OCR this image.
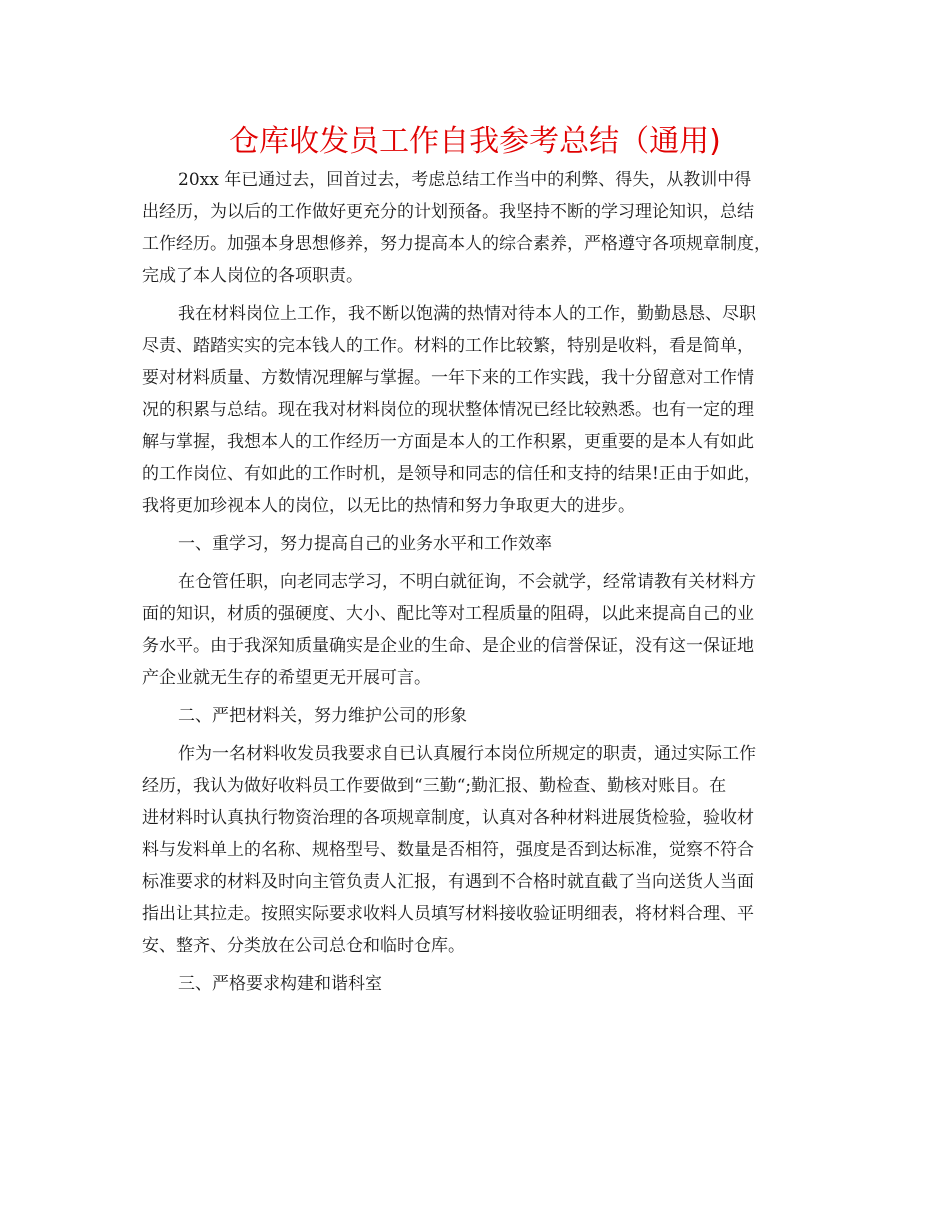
仓库收发员工作自我参考总结（通用)

20xx 年已通过去，回首过去，考虑总结工作当中的利弊、得失，从教训中得

出经历，为以后的工作做好更充分的计划预备。我坚持不断的学习理论知识，总结

工作经历。加强本身思想修养，努力提高本人的综合素养，严格遵守各项规章制度，

完成了本人岗位的各项职责。

我在材料岗位上工作，我不断以饱满的热情对待本人的工作，勤勤恳恳、尽职

尽责、踏踏实实的完本钱人的工作。材料的工作比较繁，特别是收料，看是简单，

要对材料质量、方数情况理解与掌握。一年下来的工作实践，我十分留意对工作情

况的积累与总结。现在我对材料岗位的现状整体情况已经比较熟悉。也有一定的理

解与掌握，我想本人的工作经历一方面是本人的工作积累，更重要的是本人有如此

的工作岗位、有如此的工作时机，是领导和同志的信任和支持的结果!正由于如此，

我将更加珍视本人的岗位，以无比的热情和努力争取更大的进步。

一、重学习，努力提高自己的业务水平和工作效率

在仓管任职，向老同志学习，不明白就征询，不会就学，经常请教有关材料方

面的知识，材质的强硬度、大小、配比等对工程质量的阻碍，以此来提高自己的业

务水平。由于我深知质量确实是企业的生命、是企业的信誉保证，没有这一保证地

产企业就无生存的希望更无开展可言。

二、严把材料关，努力维护公司的形象

作为一名材料收发员我要求自已认真履行本岗位所规定的职责，通过实际工作

经历，我认为做好收料员工作要做到“三勤“;勤汇报、勤检查、勤核对账目。在

进材料时认真执行物资治理的各项规章制度，认真对各种材料进展货检验，验收材

料与发料单上的名称、规格型号、数量是否相符，强度是否到达标准，觉察不符合

标准要求的材料及时向主管负责人汇报，有遇到不合格时就直截了当向送货人当面

指出让其拉走。按照实际要求收料人员填写材料接收验证明细表，将材料合理、平

安、整齐、分类放在公司总仓和临时仓库。

三、严格要求构建和谐科室
